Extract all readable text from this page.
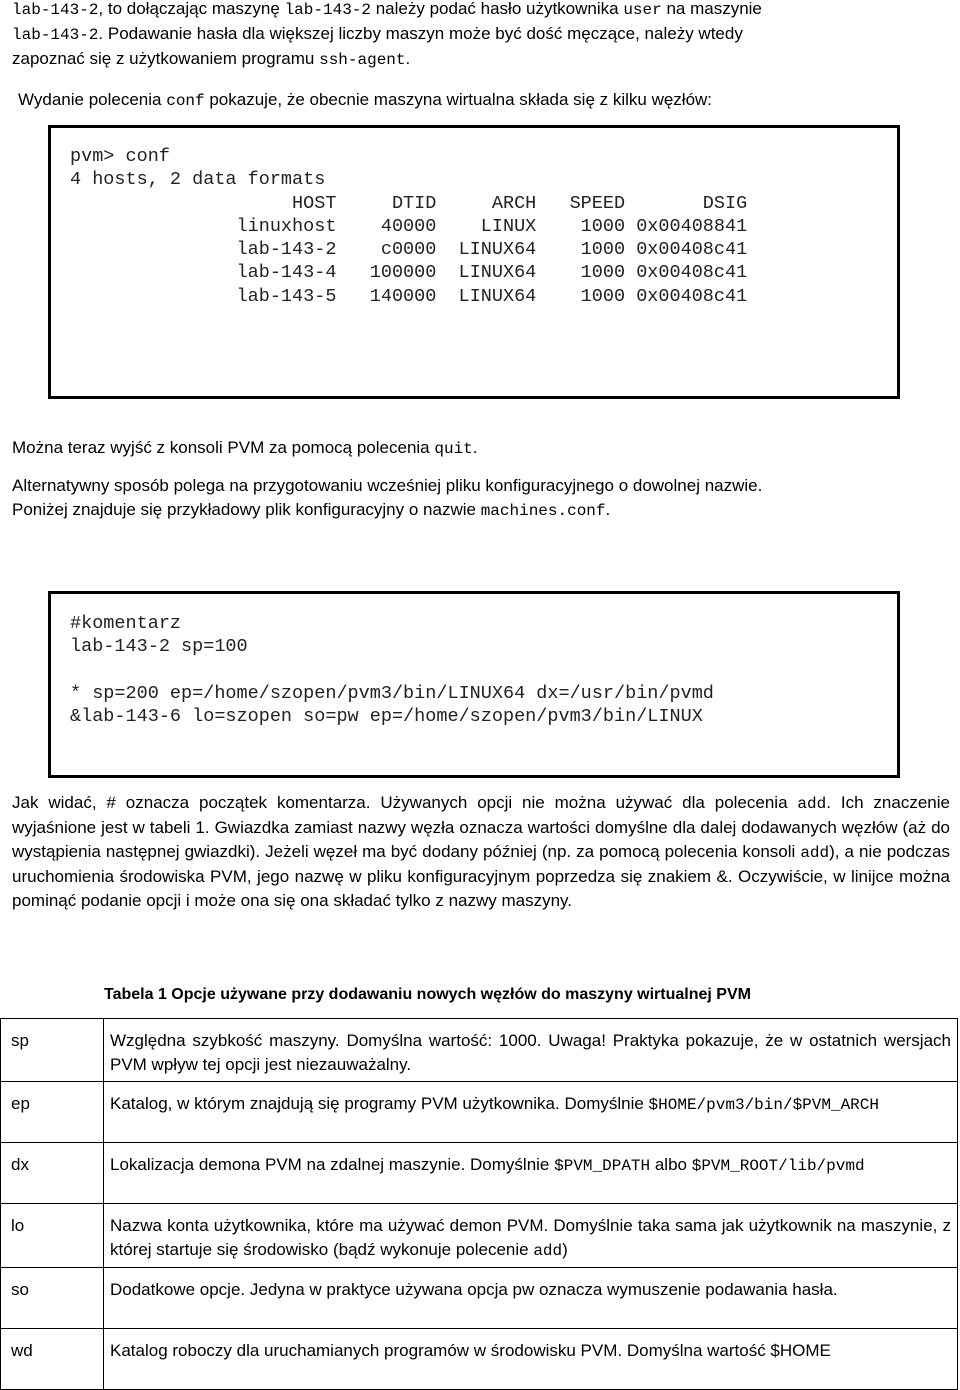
lab-143-2, to dołączając maszynę lab-143-2 należy podać hasło użytkownika user na maszynie
lab-143-2. Podawanie hasła dla większej liczby maszyn może być dość męczące, należy wtedy
zapoznać się z użytkowaniem programu ssh-agent.
Wydanie polecenia conf pokazuje, że obecnie maszyna wirtualna składa się z kilku węzłów:
pvm> conf
4 hosts, 2 data formats
HOST     DTID     ARCH   SPEED       DSIG
linuxhost    40000    LINUX    1000 0x00408841
lab-143-2    c0000  LINUX64    1000 0x00408c41
lab-143-4   100000  LINUX64    1000 0x00408c41
lab-143-5   140000  LINUX64    1000 0x00408c41
Można teraz wyjść z konsoli PVM za pomocą polecenia quit.
Alternatywny sposób polega na przygotowaniu wcześniej pliku konfiguracyjnego o dowolnej nazwie.
Poniżej znajduje się przykładowy plik konfiguracyjny o nazwie machines.conf.
#komentarz
lab-143-2 sp=100

* sp=200 ep=/home/szopen/pvm3/bin/LINUX64 dx=/usr/bin/pvmd
&lab-143-6 lo=szopen so=pw ep=/home/szopen/pvm3/bin/LINUX
Jak widać, # oznacza początek komentarza. Używanych opcji nie można używać dla polecenia add. Ich znaczenie wyjaśnione jest w tabeli 1. Gwiazdka zamiast nazwy węzła oznacza wartości domyślne dla dalej dodawanych węzłów (aż do wystąpienia następnej gwiazdki). Jeżeli węzeł ma być dodany później (np. za pomocą polecenia konsoli add), a nie podczas uruchomienia środowiska PVM, jego nazwę w pliku konfiguracyjnym poprzedza się znakiem &. Oczywiście, w linijce można pominąć podanie opcji i może ona się ona składać tylko z nazwy maszyny.
Tabela 1 Opcje używane przy dodawaniu nowych węzłów do maszyny wirtualnej PVM
sp	Względna szybkość maszyny. Domyślna wartość: 1000. Uwaga! Praktyka pokazuje, że w ostatnich wersjach PVM wpływ tej opcji jest niezauważalny.
ep	Katalog, w którym znajdują się programy PVM użytkownika. Domyślnie $HOME/pvm3/bin/$PVM_ARCH
dx	Lokalizacja demona PVM na zdalnej maszynie. Domyślnie $PVM_DPATH albo $PVM_ROOT/lib/pvmd
lo	Nazwa konta użytkownika, które ma używać demon PVM. Domyślnie taka sama jak użytkownik na maszynie, z której startuje się środowisko (bądź wykonuje polecenie add)
so	Dodatkowe opcje. Jedyna w praktyce używana opcja pw oznacza wymuszenie podawania hasła.
wd	Katalog roboczy dla uruchamianych programów w środowisku PVM. Domyślna wartość $HOME
